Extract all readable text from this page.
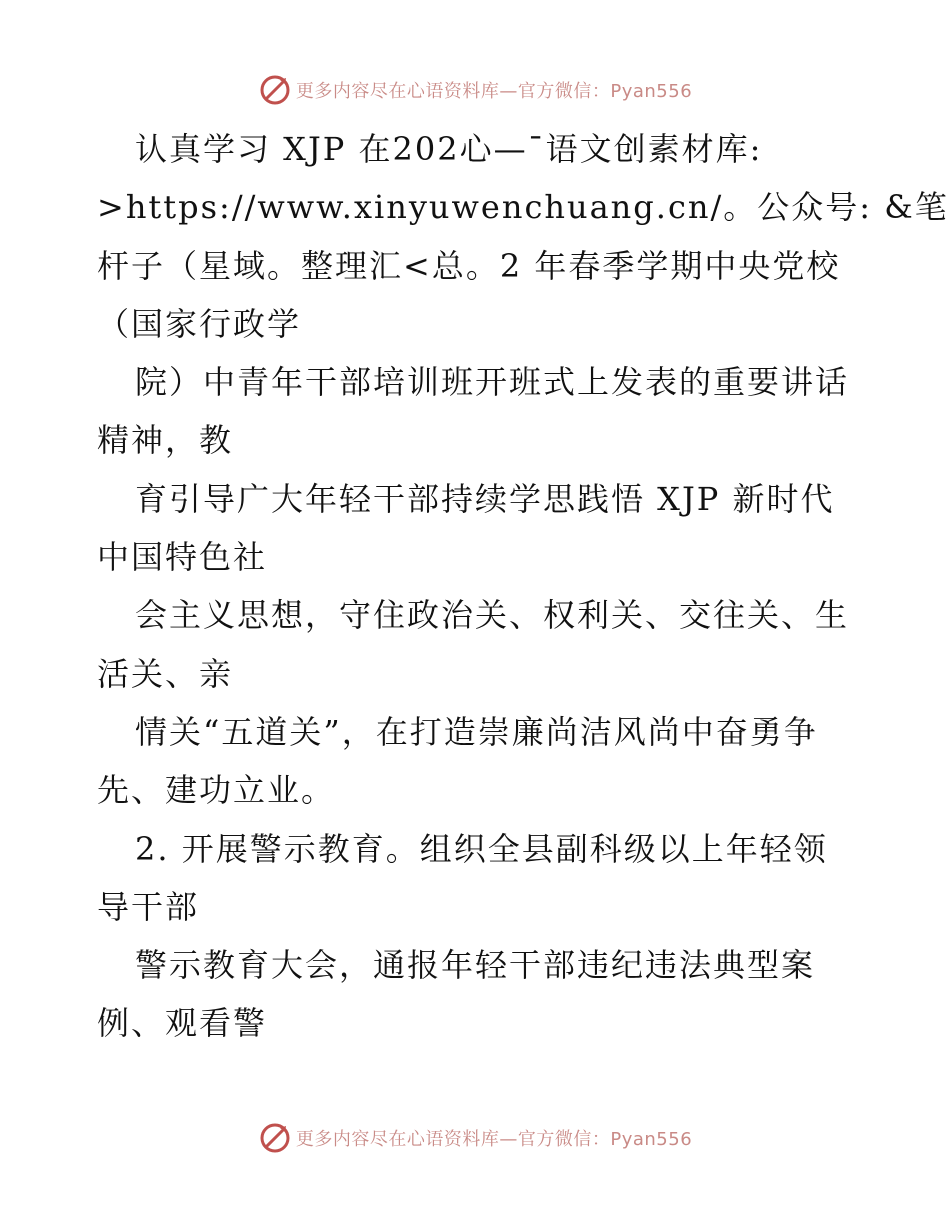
更多内容尽在心语资料库—官方微信：Pyan556
认真学习 XJP 在202心—¯语文创素材库:
>https://www.xinyuwenchuang.cn/。公众号: &笔
杆子（星域。整理汇<总。2 年春季学期中央党校
（国家行政学
院）中青年干部培训班开班式上发表的重要讲话
精神，教
育引导广大年轻干部持续学思践悟 XJP 新时代
中国特色社
会主义思想，守住政治关、权利关、交往关、生
活关、亲
情关“五道关”，在打造崇廉尚洁风尚中奋勇争
先、建功立业。
2. 开展警示教育。组织全县副科级以上年轻领
导干部
警示教育大会，通报年轻干部违纪违法典型案
例、观看警
更多内容尽在心语资料库—官方微信：Pyan556
